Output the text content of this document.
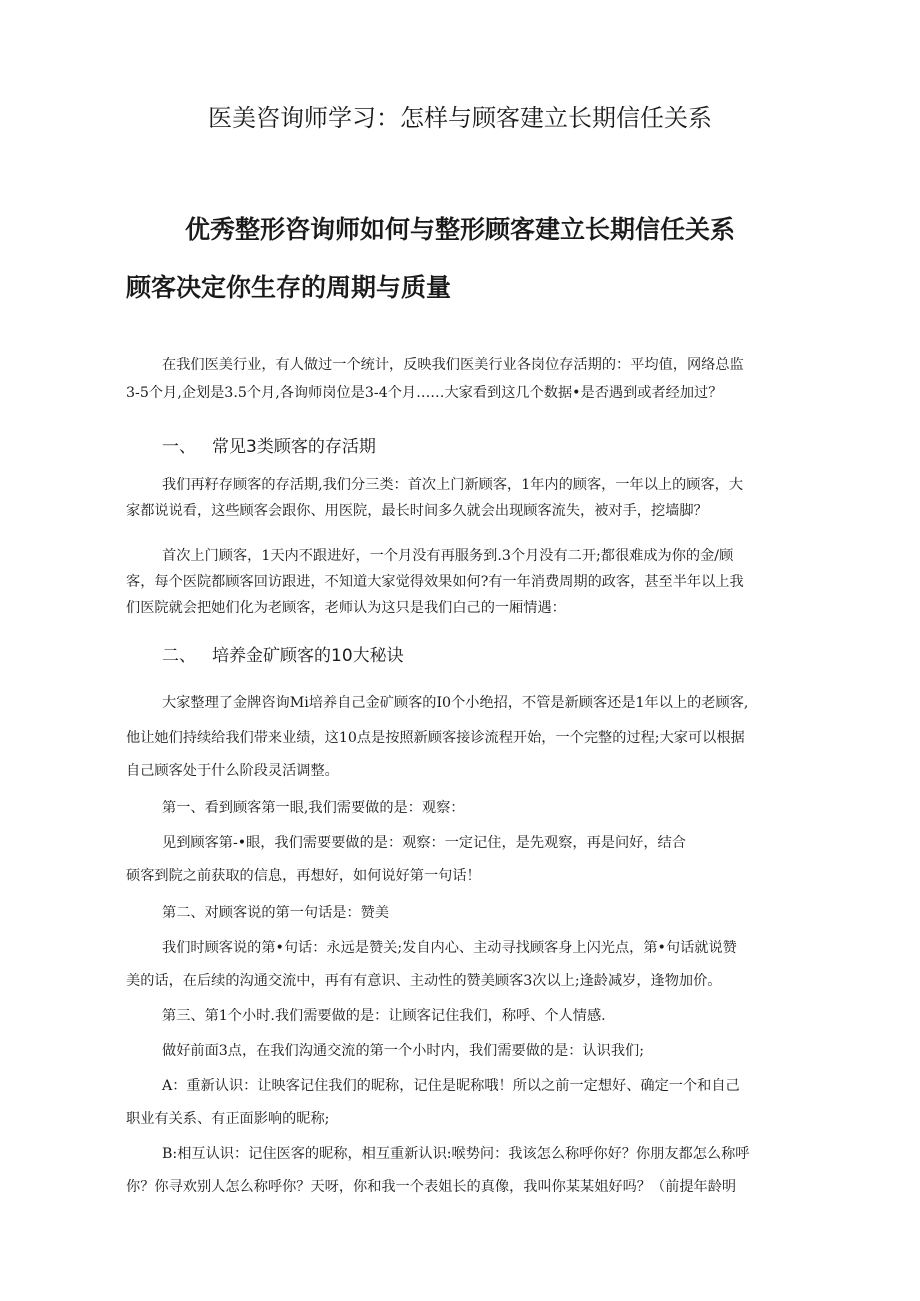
医美咨询师学习：怎样与顾客建立长期信任关系
优秀整形咨询师如何与整形顾客建立长期信任关系
顾客决定你生存的周期与质量
在我们医美行业，有人做过一个统计，反映我们医美行业各岗位存活期的：平均值，网络总监
3-5个月,企划是3.5个月,各询师岗位是3-4个月……大家看到这几个数据•是否遇到或者经加过？
一、 常见3类顾客的存活期
我们再籽存顾客的存活期,我们分三类：首次上门新顾客，1年内的顾客，一年以上的顾客，大
家都说说看，这些顾客会跟你、用医院，最长时间多久就会出现顾客流失，被对手，挖墙脚？
首次上门顾客，1天内不跟进好，一个月没有再服务到.3个月没有二开;都很难成为你的金/顾
客，每个医院都顾客回访跟进，不知道大家觉得效果如何?有一年消费周期的政客，甚至半年以上我
们医院就会把她们化为老顾客，老师认为这只是我们白己的一厢情遇：
二、 培养金矿顾客的10大秘诀
大家整理了金牌咨询Mi培养自己金矿顾客的I0个小绝招，不管是新顾客还是1年以上的老顾客,
他让她们持续给我们带来业绩，这10点是按照新顾客接诊流程开始，一个完整的过程;大家可以根据
自己顾客处于什么阶段灵活调整。
第一、看到顾客第一眼,我们需要做的是：观察：
见到顾客第-•眼，我们需要要做的是：观察：一定记住，是先观察，再是问好，结合
硕客到院之前获取的信息，再想好，如何说好第一句话！
第二、对顾客说的第一句话是：赞美
我们时顾客说的第•句话：永远是赞关;发自内心、主动寻找顾客身上闪光点，第•句话就说赞
美的话，在后续的沟通交流中，再有有意识、主动性的赞美顾客3次以上;逢龄减岁，逢物加价。
第三、第1个小时.我们需要做的是：让顾客记住我们，称呼、个人情感.
做好前面3点，在我们沟通交流的第一个小时内，我们需要做的是：认识我们;
A：重新认识：让映客记住我们的昵称，记住是昵称哦！所以之前一定想好、确定一个和自己
职业有关系、有正面影响的昵称;
B:相互认识：记住医客的昵称，相互重新认识:喉势问：我该怎么称呼你好？你朋友都怎么称呼
你？你寻欢别人怎么称呼你？天呀，你和我一个表姐长的真像，我叫你某某姐好吗？（前提年龄明
